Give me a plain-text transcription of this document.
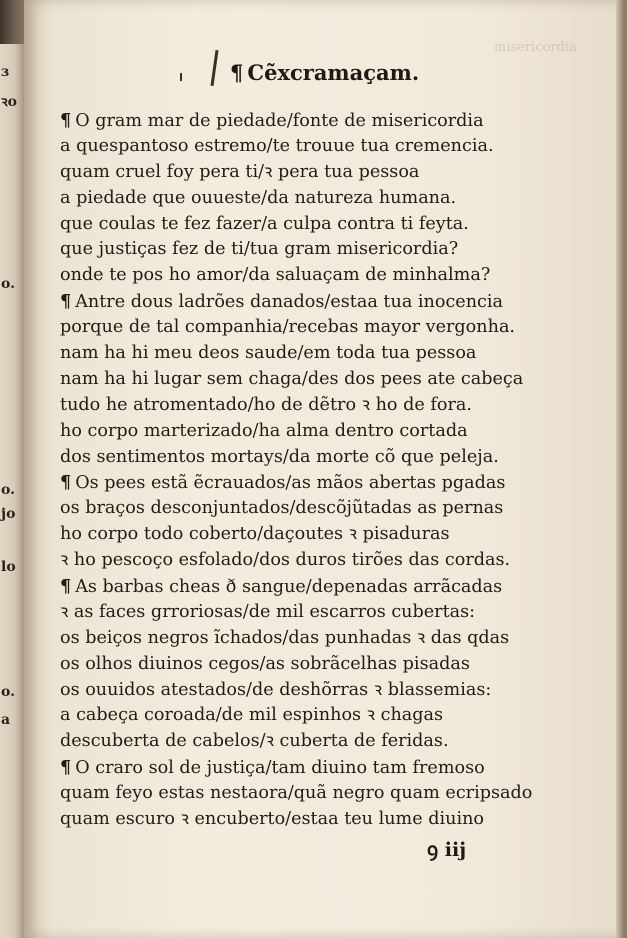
ɜ
ꝛo
o.
o.
jo
lo
o.
a
misericordia
¶ Cẽxcramaçam.
¶ O gram mar de piedade/fonte de misericordia
a quespantoso estremo/te trouue tua cremencia.
quam cruel foy pera ti/ꝛ pera tua pessoa
a piedade que ouueste/da natureza humana.
que coulas te fez fazer/a culpa contra ti feyta.
que justiças fez de ti/tua gram misericordia?
onde te pos ho amor/da saluaçam de minhalma?
¶ Antre dous ladrões danados/estaa tua inocencia
porque de tal companhia/recebas mayor vergonha.
nam ha hi meu deos saude/em toda tua pessoa
nam ha hi lugar sem chaga/des dos pees ate cabeça
tudo he atromentado/ho de dẽtro ꝛ ho de fora.
ho corpo marterizado/ha alma dentro cortada
dos sentimentos mortays/da morte cõ que peleja.
¶ Os pees estã ẽcrauados/as mãos abertas pgadas
os braços desconjuntados/descõjũtadas as pernas
ho corpo todo coberto/daçoutes ꝛ pisaduras
ꝛ ho pescoço esfolado/dos duros tirões das cordas.
¶ As barbas cheas ð sangue/depenadas arrãcadas
ꝛ as faces grroriosas/de mil escarros cubertas:
os beiços negros ĩchados/das punhadas ꝛ das qdas
os olhos diuinos cegos/as sobrãcelhas pisadas
os ouuidos atestados/de deshõrras ꝛ blassemias:
a cabeça coroada/de mil espinhos ꝛ chagas
descuberta de cabelos/ꝛ cuberta de feridas.
¶ O craro sol de justiça/tam diuino tam fremoso
quam feyo estas nestaora/quã negro quam ecripsado
quam escuro ꝛ encuberto/estaa teu lume diuino
ꝯ iij
